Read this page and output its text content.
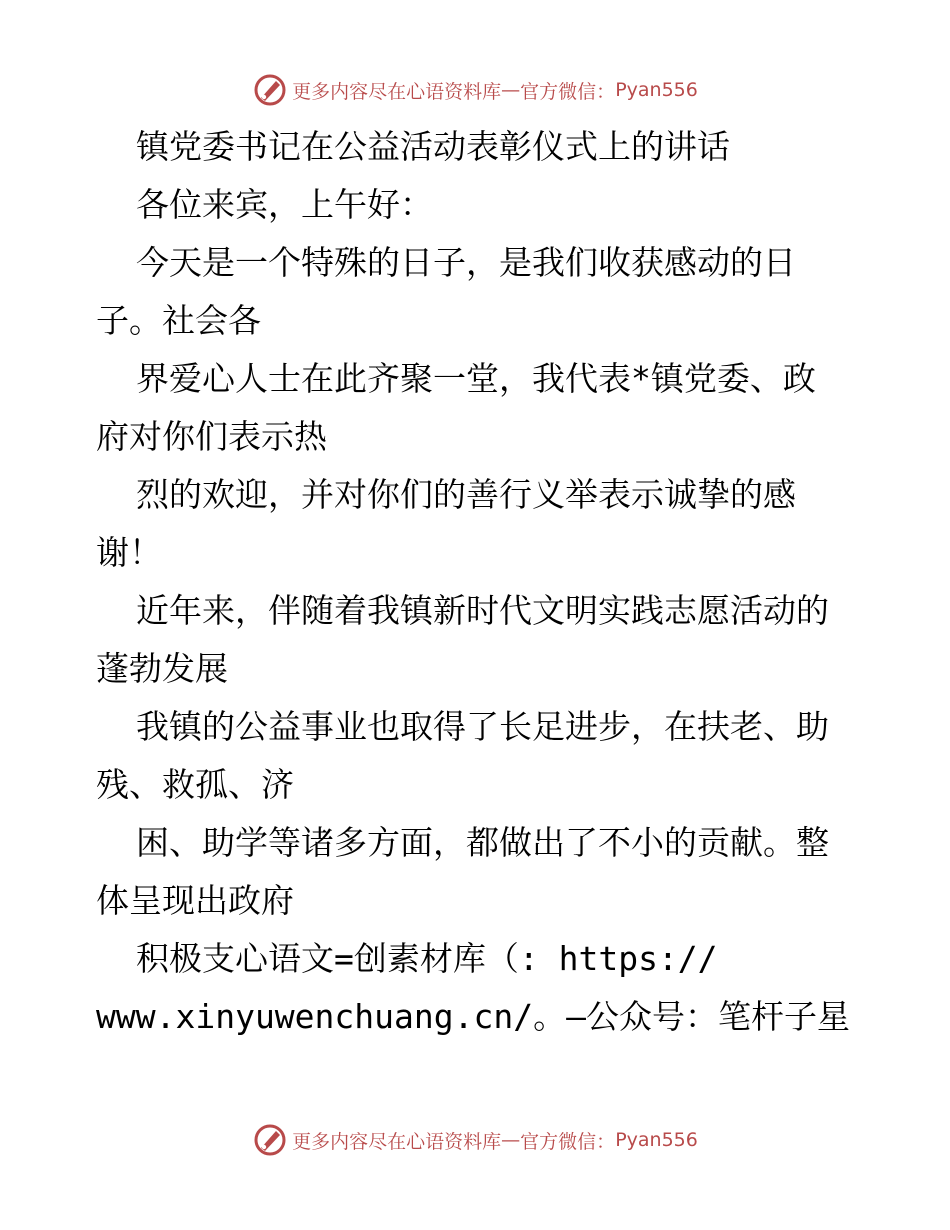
更多内容尽在心语资料库 — 官方微信： Pyan556
镇党委书记在公益活动表彰仪式上的讲话
各位来宾，上午好：
今天是一个特殊的日子，是我们收获感动的日
子。社会各
界爱心人士在此齐聚一堂，我代表*镇党委、政
府对你们表示热
烈的欢迎，并对你们的善行义举表示诚挚的感
谢！
近年来，伴随着我镇新时代文明实践志愿活动的
蓬勃发展
我镇的公益事业也取得了长足进步，在扶老、助
残、救孤、济
困、助学等诸多方面，都做出了不小的贡献。整
体呈现出政府
积极支心语文=创素材库（: https://
www.xinyuwenchuang.cn/。—公众号：笔杆子星
更多内容尽在心语资料库 — 官方微信： Pyan556
